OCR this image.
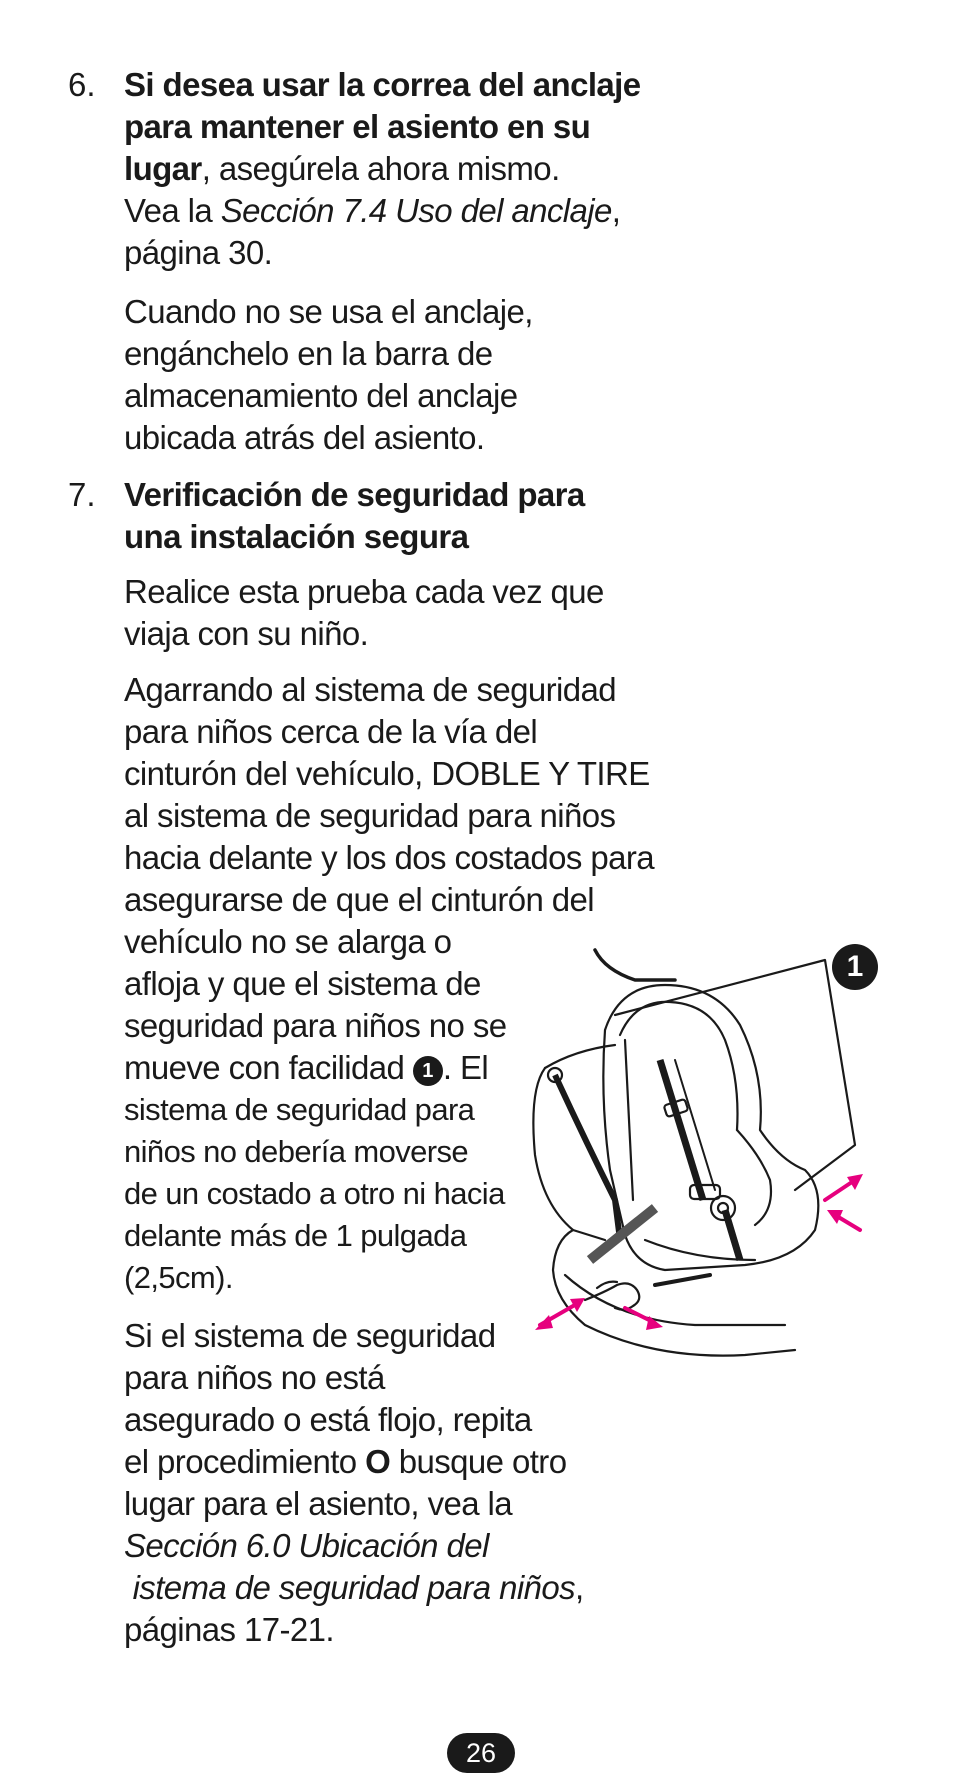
6. Si desea usar la correa del anclaje
para mantener el asiento en su
lugar, asegúrela ahora mismo.
Vea la Sección 7.4 Uso del anclaje,
página 30.
Cuando no se usa el anclaje,
engánchelo en la barra de
almacenamiento del anclaje
ubicada atrás del asiento.
7. Verificación de seguridad para
una instalación segura
Realice esta prueba cada vez que
viaja con su niño.
Agarrando al sistema de seguridad
para niños cerca de la vía del
cinturón del vehículo, DOBLE Y TIRE
al sistema de seguridad para niños
hacia delante y los dos costados para
asegurarse de que el cinturón del
vehículo no se alarga o
afloja y que el sistema de
seguridad para niños no se
mueve con facilidad 1 . El
sistema de seguridad para
niños no debería moverse
de un costado a otro ni hacia
delante más de 1 pulgada
(2,5cm).
Si el sistema de seguridad
para niños no está
asegurado o está flojo, repita
el procedimiento O busque otro
lugar para el asiento, vea la
Sección 6.0 Ubicación del
istema de seguridad para niños,
páginas 17-21.
1
26
